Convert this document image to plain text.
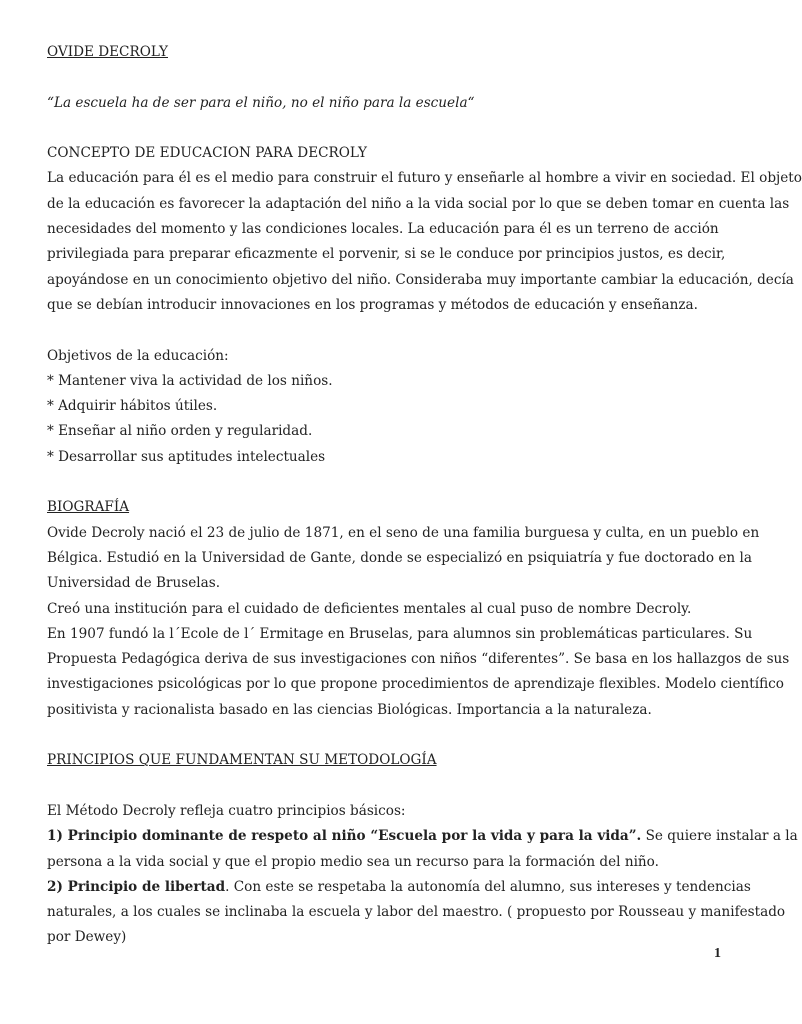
OVIDE DECROLY
“La escuela ha de ser para el niño, no el niño para la escuela“
CONCEPTO DE EDUCACION PARA DECROLY
La educación para él es el medio para construir el futuro y enseñarle al hombre a vivir en sociedad. El objeto
de la educación es favorecer la adaptación del niño a la vida social por lo que se deben tomar en cuenta las
necesidades del momento y las condiciones locales. La educación para él es un terreno de acción
privilegiada para preparar eficazmente el porvenir, si se le conduce por principios justos, es decir,
apoyándose en un conocimiento objetivo del niño. Consideraba muy importante cambiar la educación, decía
que se debían introducir innovaciones en los programas y métodos de educación y enseñanza.
Objetivos de la educación:
* Mantener viva la actividad de los niños.
* Adquirir hábitos útiles.
* Enseñar al niño orden y regularidad.
* Desarrollar sus aptitudes intelectuales
BIOGRAFÍA
Ovide Decroly nació el 23 de julio de 1871, en el seno de una familia burguesa y culta, en un pueblo en
Bélgica. Estudió en la Universidad de Gante, donde se especializó en psiquiatría y fue doctorado en la
Universidad de Bruselas.
Creó una institución para el cuidado de deficientes mentales al cual puso de nombre Decroly.
En 1907 fundó la l´Ecole de l´ Ermitage en Bruselas, para alumnos sin problemáticas particulares. Su
Propuesta Pedagógica deriva de sus investigaciones con niños “diferentes”. Se basa en los hallazgos de sus
investigaciones psicológicas por lo que propone procedimientos de aprendizaje flexibles. Modelo científico
positivista y racionalista basado en las ciencias Biológicas. Importancia a la naturaleza.
PRINCIPIOS QUE FUNDAMENTAN SU METODOLOGÍA
El Método Decroly refleja cuatro principios básicos:
1) Principio dominante de respeto al niño “Escuela por la vida y para la vida”. Se quiere instalar a la
persona a la vida social y que el propio medio sea un recurso para la formación del niño.
2) Principio de libertad. Con este se respetaba la autonomía del alumno, sus intereses y tendencias
naturales, a los cuales se inclinaba la escuela y labor del maestro. ( propuesto por Rousseau y manifestado
por Dewey)
1
